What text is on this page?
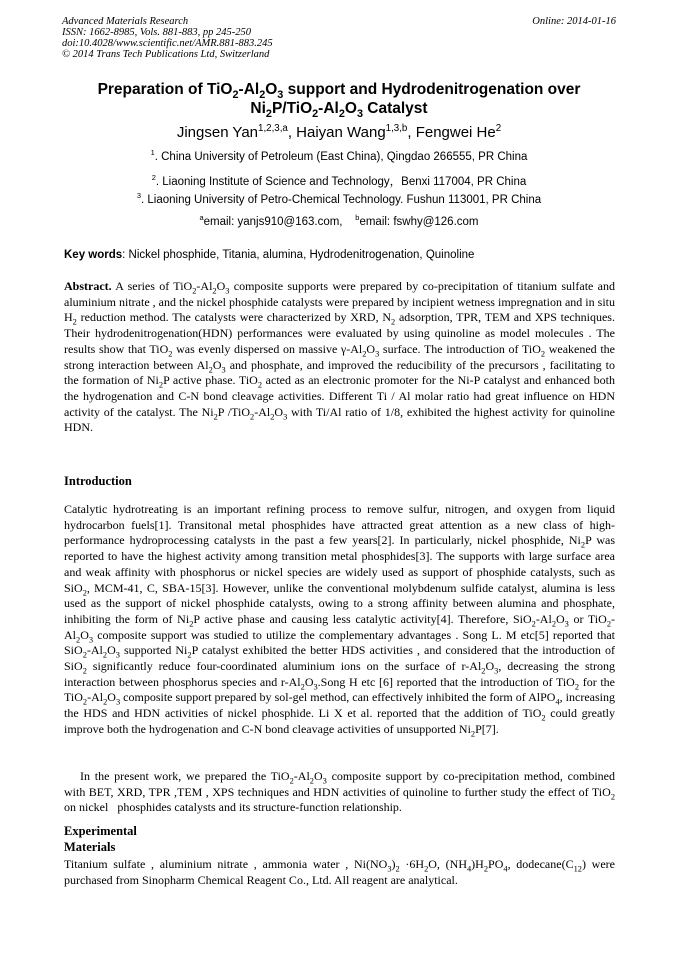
Advanced Materials Research
ISSN: 1662-8985, Vols. 881-883, pp 245-250
doi:10.4028/www.scientific.net/AMR.881-883.245
© 2014 Trans Tech Publications Ltd, Switzerland
Online: 2014-01-16
Preparation of $TiO_2-Al_2O_3$ support and Hydrodenitrogenation over
$Ni_2P/TiO_2-Al_2O_3$ Catalyst
Jingsen Yan$^{1,2,3,a}$, Haiyan Wang$^{1,3,b}$, Fengwei He$^2$
$^1$. China University of Petroleum (East China), Qingdao 266555, PR China
$^2$. Liaoning Institute of Science and Technology，Benxi 117004, PR China
$^3$. Liaoning University of Petro-Chemical Technology. Fushun 113001, PR China
$^a$email: yanjs910@163.com, $^b$email: fswhy@126.com
Key words: Nickel phosphide, Titania, alumina, Hydrodenitrogenation, Quinoline
Abstract. A series of $TiO_2-Al_2O_3$ composite supports were prepared by co-precipitation of titanium sulfate and aluminium nitrate , and the nickel phosphide catalysts were prepared by incipient wetness impregnation and in situ $H_2$ reduction method. The catalysts were characterized by XRD, $N_2$ adsorption, TPR, TEM and XPS techniques. Their hydrodenitrogenation(HDN) performances were evaluated by using quinoline as model molecules . The results show that TiO$_2$ was evenly dispersed on massive $\gamma-Al_2O_3$ surface. The introduction of TiO$_2$ weakened the strong interaction between $Al_2O_3$ and phosphate, and improved the reducibility of the precursors , facilitating to the formation of $Ni_2P$ active phase. TiO$_2$ acted as an electronic promoter for the Ni-P catalyst and enhanced both the hydrogenation and C-N bond cleavage activities. Different Ti / Al molar ratio had great influence on HDN activity of the catalyst. The $Ni_2P$ $/TiO_2-Al_2O_3$ with Ti/Al ratio of 1/8, exhibited the highest activity for quinoline HDN.
Introduction
Catalytic hydrotreating is an important refining process to remove sulfur, nitrogen, and oxygen from liquid hydrocarbon fuels[1]. Transitonal metal phosphides have attracted great attention as a new class of high-performance hydroprocessing catalysts in the past a few years[2]. In particularly, nickel phosphide, $Ni_2P$ was reported to have the highest activity among transition metal phosphides[3]. The supports with large surface area and weak affinity with phosphorus or nickel species are widely used as support of phosphide catalysts, such as SiO$_2$, MCM-41, C, SBA-15[3]. However, unlike the conventional molybdenum sulfide catalyst, alumina is less used as the support of nickel phosphide catalysts, owing to a strong affinity between alumina and phosphate, inhibiting the form of $Ni_2P$ active phase and causing less catalytic activity[4]. Therefore, $SiO_2-Al_2O_3$ or $TiO_2-Al_2O_3$ composite support was studied to utilize the complementary advantages . Song L. M etc[5] reported that $SiO_2-Al_2O_3$ supported $Ni_2P$ catalyst exhibited the better HDS activities , and considered that the introduction of SiO$_2$ significantly reduce four-coordinated aluminium ions on the surface of $r-Al_2O_3$, decreasing the strong interaction between phosphorus species and $r-Al_2O_3.Song$ H etc [6] reported that the introduction of TiO$_2$ for the $TiO_2-Al_2O_3$ composite support prepared by sol-gel method, can effectively inhibited the form of AlPO$_4$, increasing the HDS and HDN activities of nickel phosphide. Li X et al. reported that the addition of TiO$_2$ could greatly improve both the hydrogenation and C-N bond cleavage activities of unsupported $Ni_2P[7]$.
In the present work, we prepared the $TiO_2-Al_2O_3$ composite support by co-precipitation method, combined with BET, XRD, TPR ,TEM , XPS techniques and HDN activities of quinoline to further study the effect of TiO$_2$ on nickel   phosphides catalysts and its structure-function relationship.
Experimental
Materials
Titanium sulfate , aluminium nitrate , ammonia water , $Ni(NO_3)_2 \cdot 6H_2O$, $(NH_4)H_2PO_4$, $dodecane(C_{12})$ were purchased from Sinopharm Chemical Reagent Co., Ltd. All reagent are analytical.
